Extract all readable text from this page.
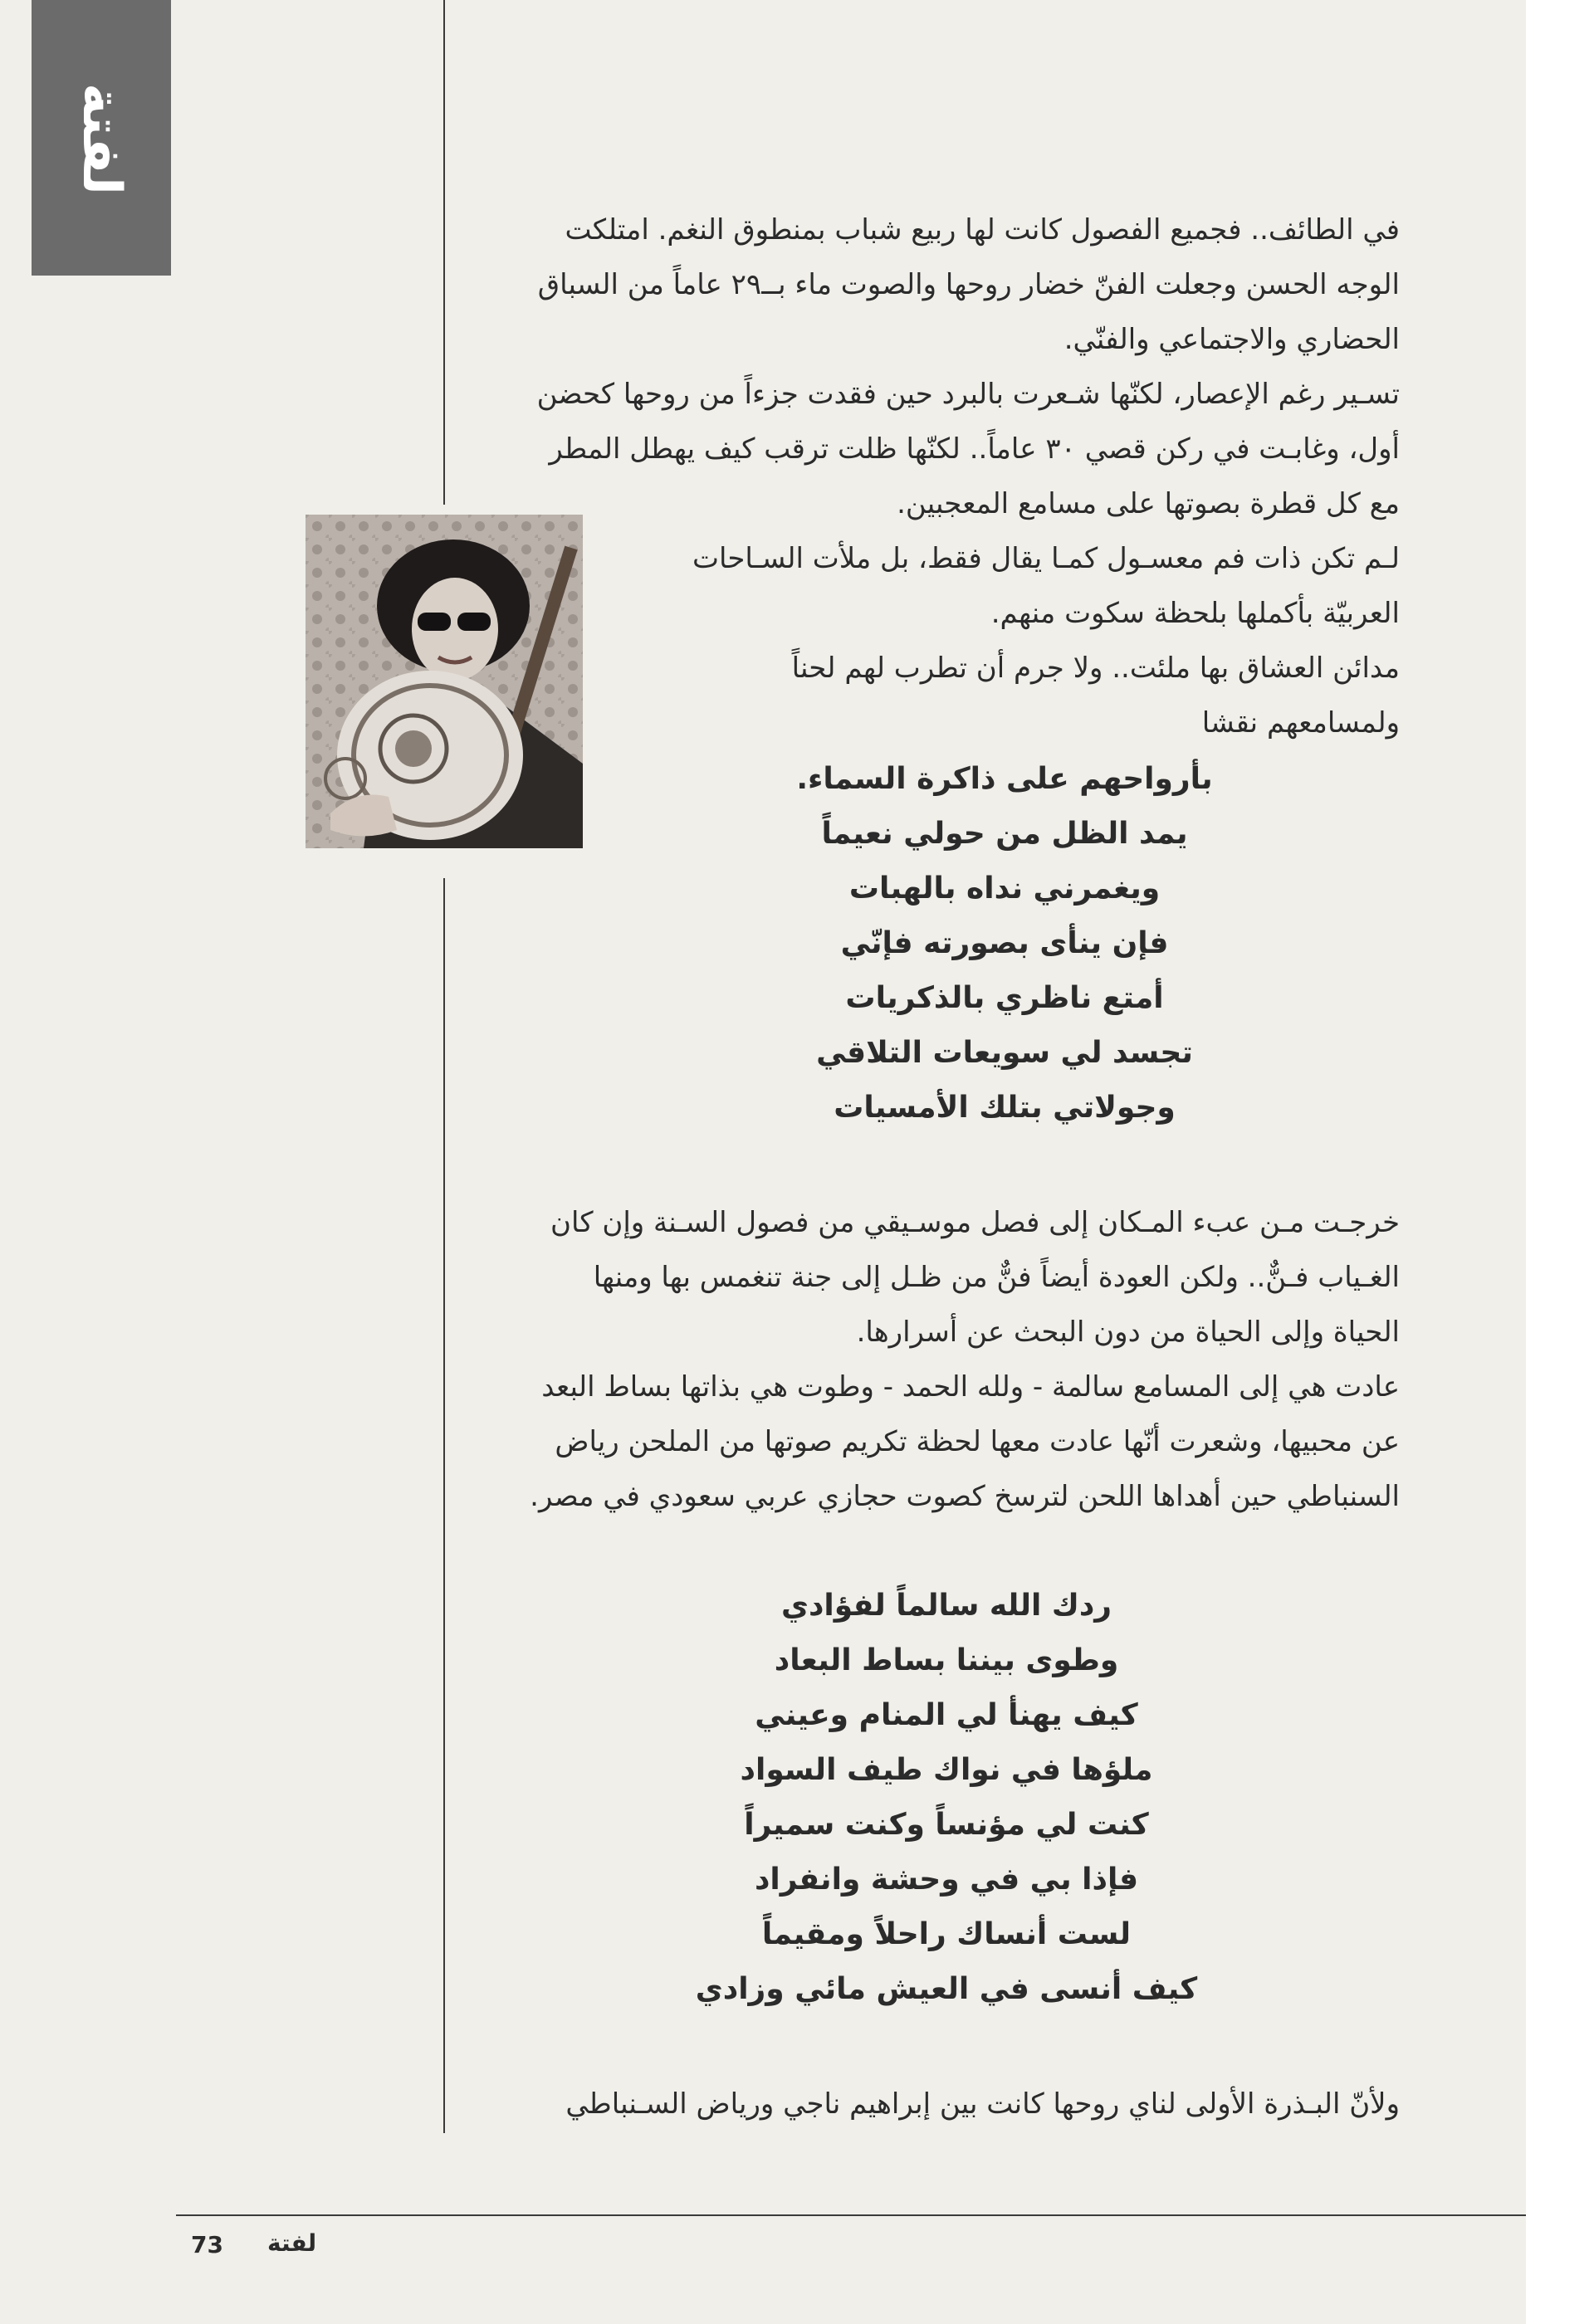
لفتة

في الطائف.. فجميع الفصول كانت لها ربيع شباب بمنطوق النغم. امتلكت

الوجه الحسن وجعلت الفنّ خضار روحها والصوت ماء بــ٢٩ عاماً من السباق

الحضاري والاجتماعي والفنّي.

تسـير رغم الإعصار، لكنّها شـعرت بالبرد حين فقدت جزءاً من روحها كحضن

أول، وغابـت في ركن قصي ٣٠ عاماً.. لكنّها ظلت ترقب كيف يهطل المطر

مع كل قطرة بصوتها على مسامع المعجبين.

لـم تكن ذات فم معسـول كمـا يقال فقط، بل ملأت السـاحات

العربيّة بأكملها بلحظة سكوت منهم.

مدائن العشاق بها ملئت.. ولا جرم أن تطرب لهم لحناً

ولمسامعهم نقشا

بأرواحهم على ذاكرة السماء.

يمد الظل من حولي نعيماً

ويغمرني نداه بالهبات

فإن ينأى بصورته فإنّي

أمتع ناظري بالذكريات

تجسد لي سويعات التلاقي

وجولاتي بتلك الأمسيات

خرجـت مـن عبء المـكان إلى فصل موسـيقي من فصول السـنة وإن كان

الغـياب فـنٌّ.. ولكن العودة أيضاً فنٌّ من ظـل إلى جنة تنغمس بها ومنها

الحياة وإلى الحياة من دون البحث عن أسرارها.

عادت هي إلى المسامع سالمة - ولله الحمد - وطوت هي بذاتها بساط البعد

عن محبيها، وشعرت أنّها عادت معها لحظة تكريم صوتها من الملحن رياض

السنباطي حين أهداها اللحن لترسخ كصوت حجازي عربي سعودي في مصر.

ردك الله سالماً لفؤادي

وطوى بيننا بساط البعاد

كيف يهنأ لي المنام وعيني

ملؤها في نواك طيف السواد

كنت لي مؤنساً وكنت سميراً

فإذا بي في وحشة وانفراد

لست أنساك راحلاً ومقيماً

كيف أنسى في العيش مائي وزادي

ولأنّ البـذرة الأولى لناي روحها كانت بين إبراهيم ناجي ورياض السـنباطي

73 لفتة
